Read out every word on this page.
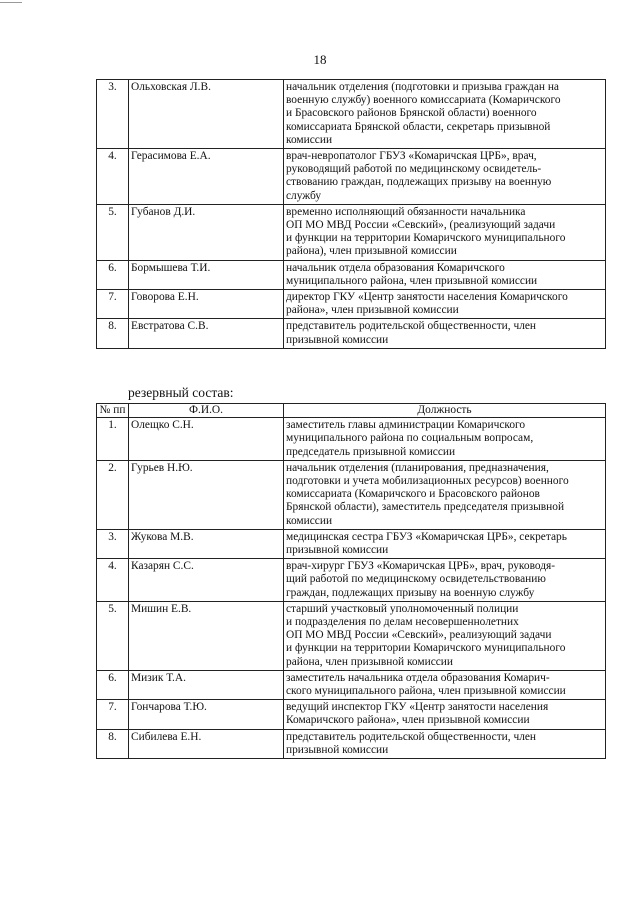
18
3.	Ольховская Л.В.	начальник отделения (подготовки и призыва граждан на
военную службу) военного комиссариата (Комаричского
и Брасовского районов Брянской области) военного
комиссариата Брянской области, секретарь призывной
комиссии

4.	Герасимова Е.А.	врач-невропатолог ГБУЗ «Комаричская ЦРБ», врач,
руководящий работой по медицинскому освидетель-
ствованию граждан, подлежащих призыву на военную
службу

5.	Губанов Д.И.	временно исполняющий обязанности начальника
ОП МО МВД России «Севский», (реализующий задачи
и функции на территории Комаричского муниципального
района), член призывной комиссии

6.	Бормышева Т.И.	начальник отдела образования Комаричского
муниципального района, член призывной комиссии

7.	Говорова Е.Н.	директор ГКУ «Центр занятости населения Комаричского
района», член призывной комиссии

8.	Евстратова С.В.	представитель родительской общественности, член
призывной комиссии
резервный состав:
№ пп	Ф.И.О.	Должность
1.	Олещко С.Н.	заместитель главы администрации Комаричского
муниципального района по социальным вопросам,
председатель призывной комиссии

2.	Гурьев Н.Ю.	начальник отделения (планирования, предназначения,
подготовки и учета мобилизационных ресурсов) военного
комиссариата (Комаричского и Брасовского районов
Брянской области), заместитель председателя призывной
комиссии

3.	Жукова М.В.	медицинская сестра ГБУЗ «Комаричская ЦРБ», секретарь
призывной комиссии

4.	Казарян С.С.	врач-хирург ГБУЗ «Комаричская ЦРБ», врач, руководя-
щий работой по медицинскому освидетельствованию
граждан, подлежащих призыву на военную службу

5.	Мишин Е.В.	старший участковый уполномоченный полиции
и подразделения по делам несовершеннолетних
ОП МО МВД России «Севский», реализующий задачи
и функции на территории Комаричского муниципального
района, член призывной комиссии

6.	Мизик Т.А.	заместитель начальника отдела образования Комарич-
ского муниципального района, член призывной комиссии

7.	Гончарова Т.Ю.	ведущий инспектор ГКУ «Центр занятости населения
Комаричского района», член призывной комиссии

8.	Сибилева Е.Н.	представитель родительской общественности, член
призывной комиссии
